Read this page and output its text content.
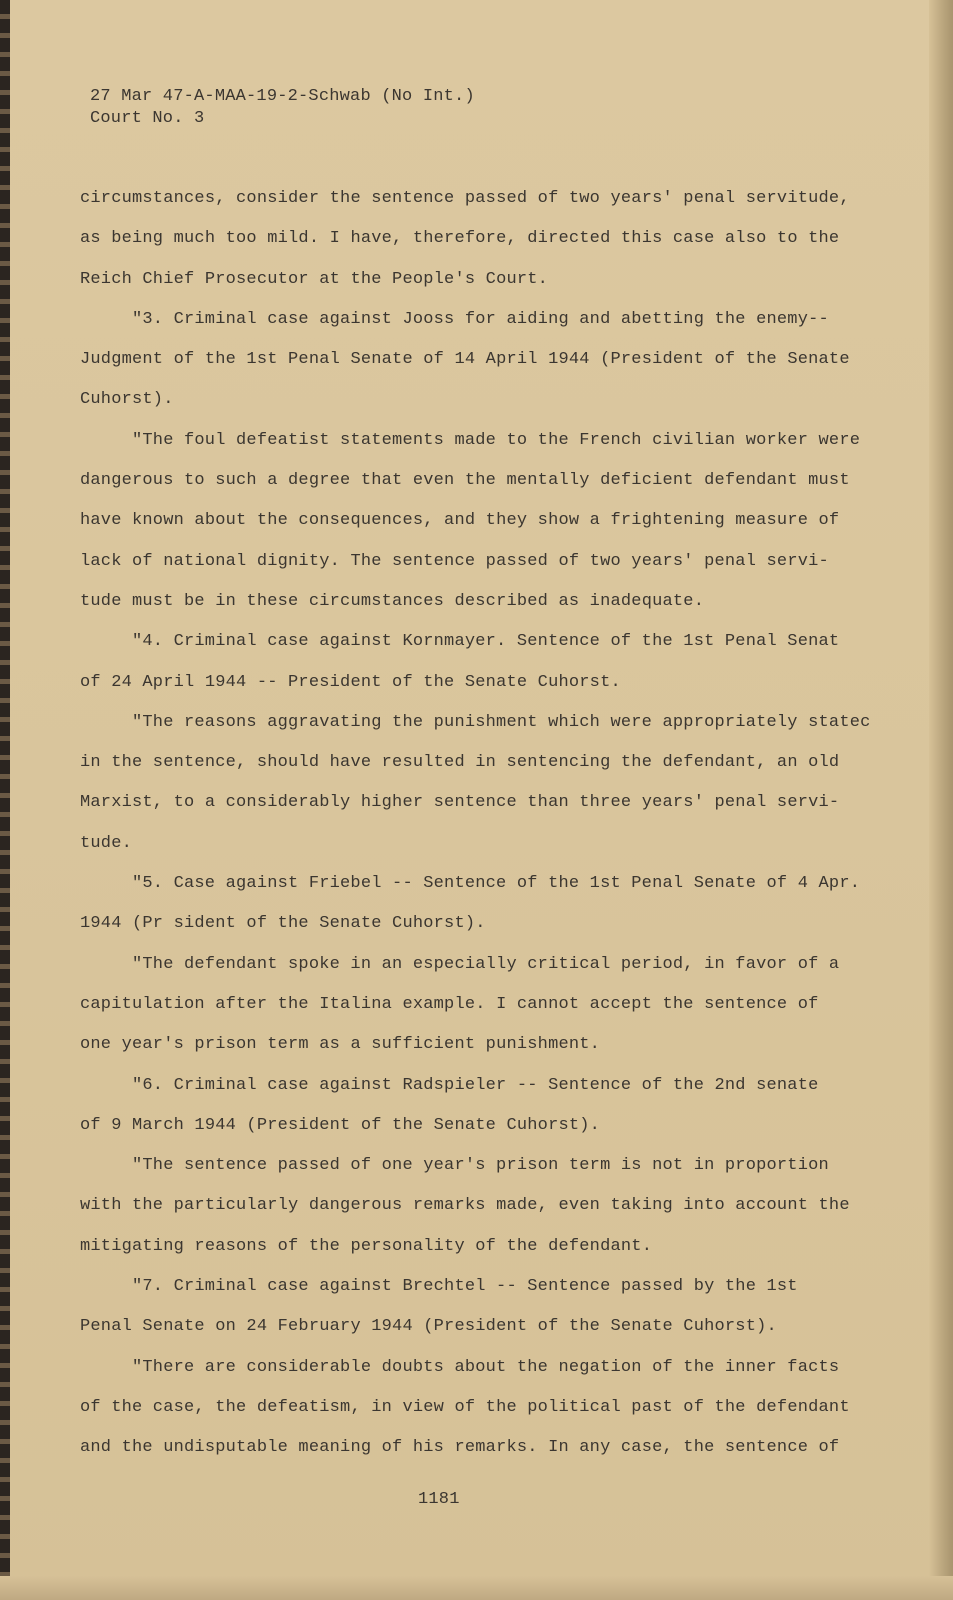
27 Mar 47-A-MAA-19-2-Schwab (No Int.)
Court No. 3
circumstances, consider the sentence passed of two years' penal servitude,
as being much too mild. I have, therefore, directed this case also to the
Reich Chief Prosecutor at the People's Court.
"3. Criminal case against Jooss for aiding and abetting the enemy--
Judgment of the 1st Penal Senate of 14 April 1944 (President of the Senate
Cuhorst).
"The foul defeatist statements made to the French civilian worker were
dangerous to such a degree that even the mentally deficient defendant must
have known about the consequences, and they show a frightening measure of
lack of national dignity. The sentence passed of two years' penal servi-
tude must be in these circumstances described as inadequate.
"4. Criminal case against Kornmayer. Sentence of the 1st Penal Senat
of 24 April 1944 -- President of the Senate Cuhorst.
"The reasons aggravating the punishment which were appropriately statec
in the sentence, should have resulted in sentencing the defendant, an old
Marxist, to a considerably higher sentence than three years' penal servi-
tude.
"5. Case against Friebel -- Sentence of the 1st Penal Senate of 4 Apr.
1944 (Pr sident of the Senate Cuhorst).
"The defendant spoke in an especially critical period, in favor of a
capitulation after the Italina example. I cannot accept the sentence of
one year's prison term as a sufficient punishment.
"6. Criminal case against Radspieler -- Sentence of the 2nd senate
of 9 March 1944 (President of the Senate Cuhorst).
"The sentence passed of one year's prison term is not in proportion
with the particularly dangerous remarks made, even taking into account the
mitigating reasons of the personality of the defendant.
"7. Criminal case against Brechtel -- Sentence passed by the 1st
Penal Senate on 24 February 1944 (President of the Senate Cuhorst).
"There are considerable doubts about the negation of the inner facts
of the case, the defeatism, in view of the political past of the defendant
and the undisputable meaning of his remarks. In any case, the sentence of
1181
